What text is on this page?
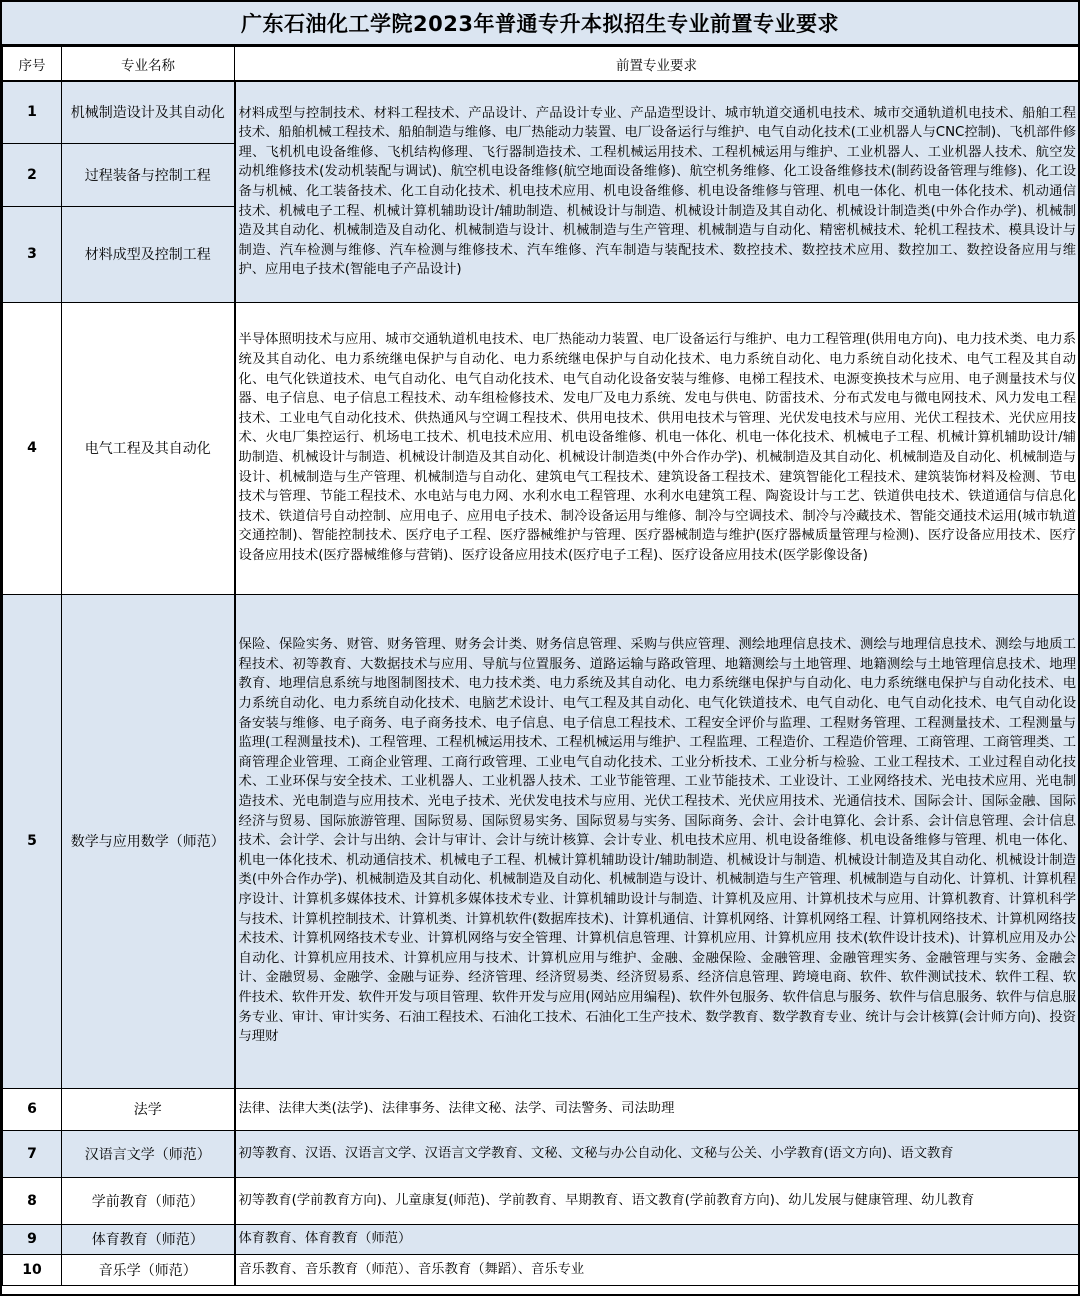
广东石油化工学院2023年普通专升本拟招生专业前置专业要求
序号	专业名称	前置专业要求
1	机械制造设计及其自动化	材料成型与控制技术、材料工程技术、产品设计、产品设计专业、产品造型设计、城市轨道交通机电技术、城市交通轨道机电技术、船舶工程技术、船舶机械工程技术、船舶制造与维修、电厂热能动力装置、电厂设备运行与维护、电气自动化技术(工业机器人与CNC控制)、飞机部件修理、飞机机电设备维修、飞机结构修理、飞行器制造技术、工程机械运用技术、工程机械运用与维护、工业机器人、工业机器人技术、航空发动机维修技术(发动机装配与调试)、航空机电设备维修(航空地面设备维修)、航空机务维修、化工设备维修技术(制药设备管理与维修)、化工设备与机械、化工装备技术、化工自动化技术、机电技术应用、机电设备维修、机电设备维修与管理、机电一体化、机电一体化技术、机动通信技术、机械电子工程、机械计算机辅助设计/辅助制造、机械设计与制造、机械设计制造及其自动化、机械设计制造类(中外合作办学)、机械制造及其自动化、机械制造及自动化、机械制造与设计、机械制造与生产管理、机械制造与自动化、精密机械技术、轮机工程技术、模具设计与制造、汽车检测与维修、汽车检测与维修技术、汽车维修、汽车制造与装配技术、数控技术、数控技术应用、数控加工、数控设备应用与维护、应用电子技术(智能电子产品设计)
2	过程装备与控制工程	
3	材料成型及控制工程	
4	电气工程及其自动化	半导体照明技术与应用、城市交通轨道机电技术、电厂热能动力装置、电厂设备运行与维护、电力工程管理(供用电方向)、电力技术类、电力系统及其自动化、电力系统继电保护与自动化、电力系统继电保护与自动化技术、电力系统自动化、电力系统自动化技术、电气工程及其自动化、电气化铁道技术、电气自动化、电气自动化技术、电气自动化设备安装与维修、电梯工程技术、电源变换技术与应用、电子测量技术与仪器、电子信息、电子信息工程技术、动车组检修技术、发电厂及电力系统、发电与供电、防雷技术、分布式发电与微电网技术、风力发电工程技术、工业电气自动化技术、供热通风与空调工程技术、供用电技术、供用电技术与管理、光伏发电技术与应用、光伏工程技术、光伏应用技术、火电厂集控运行、机场电工技术、机电技术应用、机电设备维修、机电一体化、机电一体化技术、机械电子工程、机械计算机辅助设计/辅助制造、机械设计与制造、机械设计制造及其自动化、机械设计制造类(中外合作办学)、机械制造及其自动化、机械制造及自动化、机械制造与设计、机械制造与生产管理、机械制造与自动化、建筑电气工程技术、建筑设备工程技术、建筑智能化工程技术、建筑装饰材料及检测、节电技术与管理、节能工程技术、水电站与电力网、水利水电工程管理、水利水电建筑工程、陶瓷设计与工艺、铁道供电技术、铁道通信与信息化技术、铁道信号自动控制、应用电子、应用电子技术、制冷设备运用与维修、制冷与空调技术、制冷与冷藏技术、智能交通技术运用(城市轨道交通控制)、智能控制技术、医疗电子工程、医疗器械维护与管理、医疗器械制造与维护(医疗器械质量管理与检测)、医疗设备应用技术、医疗设备应用技术(医疗器械维修与营销)、医疗设备应用技术(医疗电子工程)、医疗设备应用技术(医学影像设备)
5	数学与应用数学（师范）	保险、保险实务、财管、财务管理、财务会计类、财务信息管理、采购与供应管理、测绘地理信息技术、测绘与地理信息技术、测绘与地质工程技术、初等教育、大数据技术与应用、导航与位置服务、道路运输与路政管理、地籍测绘与土地管理、地籍测绘与土地管理信息技术、地理教育、地理信息系统与地图制图技术、电力技术类、电力系统及其自动化、电力系统继电保护与自动化、电力系统继电保护与自动化技术、电力系统自动化、电力系统自动化技术、电脑艺术设计、电气工程及其自动化、电气化铁道技术、电气自动化、电气自动化技术、电气自动化设备安装与维修、电子商务、电子商务技术、电子信息、电子信息工程技术、工程安全评价与监理、工程财务管理、工程测量技术、工程测量与监理(工程测量技术)、工程管理、工程机械运用技术、工程机械运用与维护、工程监理、工程造价、工程造价管理、工商管理、工商管理类、工商管理企业管理、工商企业管理、工商行政管理、工业电气自动化技术、工业分析技术、工业分析与检验、工业工程技术、工业过程自动化技术、工业环保与安全技术、工业机器人、工业机器人技术、工业节能管理、工业节能技术、工业设计、工业网络技术、光电技术应用、光电制造技术、光电制造与应用技术、光电子技术、光伏发电技术与应用、光伏工程技术、光伏应用技术、光通信技术、国际会计、国际金融、国际经济与贸易、国际旅游管理、国际贸易、国际贸易实务、国际贸易与实务、国际商务、会计、会计电算化、会计系、会计信息管理、会计信息技术、会计学、会计与出纳、会计与审计、会计与统计核算、会计专业、机电技术应用、机电设备维修、机电设备维修与管理、机电一体化、机电一体化技术、机动通信技术、机械电子工程、机械计算机辅助设计/辅助制造、机械设计与制造、机械设计制造及其自动化、机械设计制造类(中外合作办学)、机械制造及其自动化、机械制造及自动化、机械制造与设计、机械制造与生产管理、机械制造与自动化、计算机、计算机程序设计、计算机多媒体技术、计算机多媒体技术专业、计算机辅助设计与制造、计算机及应用、计算机技术与应用、计算机教育、计算机科学与技术、计算机控制技术、计算机类、计算机软件(数据库技术)、计算机通信、计算机网络、计算机网络工程、计算机网络技术、计算机网络技术技术、计算机网络技术专业、计算机网络与安全管理、计算机信息管理、计算机应用、计算机应用 技术(软件设计技术)、计算机应用及办公自动化、计算机应用技术、计算机应用与技术、计算机应用与维护、金融、金融保险、金融管理、金融管理实务、金融管理与实务、金融会计、金融贸易、金融学、金融与证券、经济管理、经济贸易类、经济贸易系、经济信息管理、跨境电商、软件、软件测试技术、软件工程、软件技术、软件开发、软件开发与项目管理、软件开发与应用(网站应用编程)、软件外包服务、软件信息与服务、软件与信息服务、软件与信息服务专业、审计、审计实务、石油工程技术、石油化工技术、石油化工生产技术、数学教育、数学教育专业、统计与会计核算(会计师方向)、投资与理财
6	法学	法律、法律大类(法学)、法律事务、法律文秘、法学、司法警务、司法助理
7	汉语言文学（师范）	初等教育、汉语、汉语言文学、汉语言文学教育、文秘、文秘与办公自动化、文秘与公关、小学教育(语文方向)、语文教育
8	学前教育（师范）	初等教育(学前教育方向)、儿童康复(师范)、学前教育、早期教育、语文教育(学前教育方向)、幼儿发展与健康管理、幼儿教育
9	体育教育（师范）	体育教育、体育教育（师范）
10	音乐学（师范）	音乐教育、音乐教育（师范）、音乐教育（舞蹈）、音乐专业
